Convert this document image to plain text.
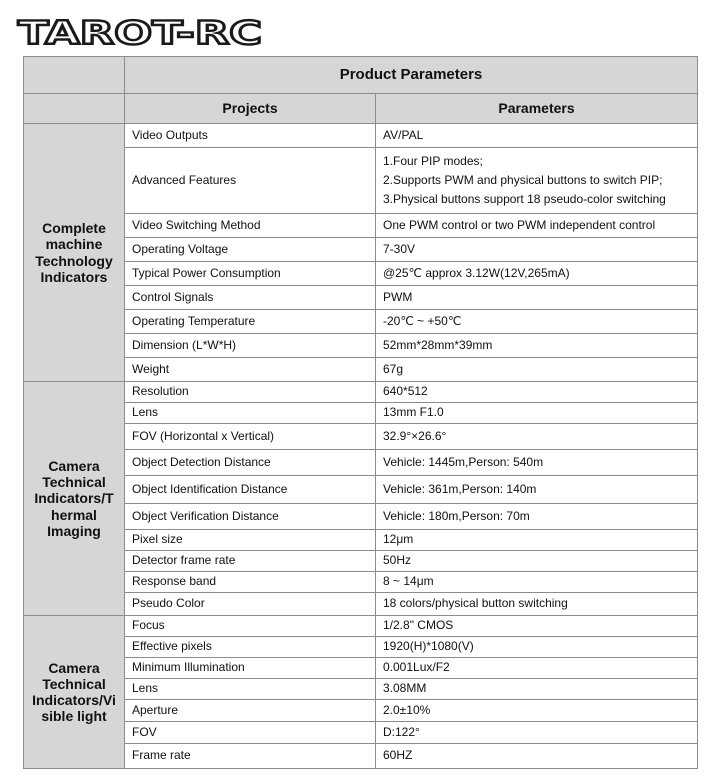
TAROT-RC
	Product Parameters	
	Projects	Parameters
Complete
machine
Technology
Indicators	Video Outputs	AV/PAL
	Advanced Features	1.Four PIP modes;
2.Supports PWM and physical buttons to switch PIP;
3.Physical buttons support 18 pseudo-color switching

	Video Switching Method	One PWM control or two PWM independent control
	Operating Voltage	7-30V
	Typical Power Consumption	@25℃ approx 3.12W(12V,265mA)
	Control Signals	PWM
	Operating Temperature	-20℃ ~ +50℃
	Dimension (L*W*H)	52mm*28mm*39mm
	Weight	67g
Camera
Technical
Indicators/T
hermal
Imaging	Resolution	640*512
	Lens	13mm F1.0
	FOV (Horizontal x Vertical)	32.9°×26.6°
	Object Detection Distance	Vehicle: 1445m,Person: 540m
	Object Identification Distance	Vehicle: 361m,Person: 140m
	Object Verification Distance	Vehicle: 180m,Person: 70m
	Pixel size	12μm
	Detector frame rate	50Hz
	Response band	8 ~ 14μm
	Pseudo Color	18 colors/physical button switching
Camera
Technical
Indicators/Vi
sible light	Focus	1/2.8" CMOS
	Effective pixels	1920(H)*1080(V)
	Minimum Illumination	0.001Lux/F2
	Lens	3.08MM
	Aperture	2.0±10%
	FOV	D:122°
	Frame rate	60HZ
